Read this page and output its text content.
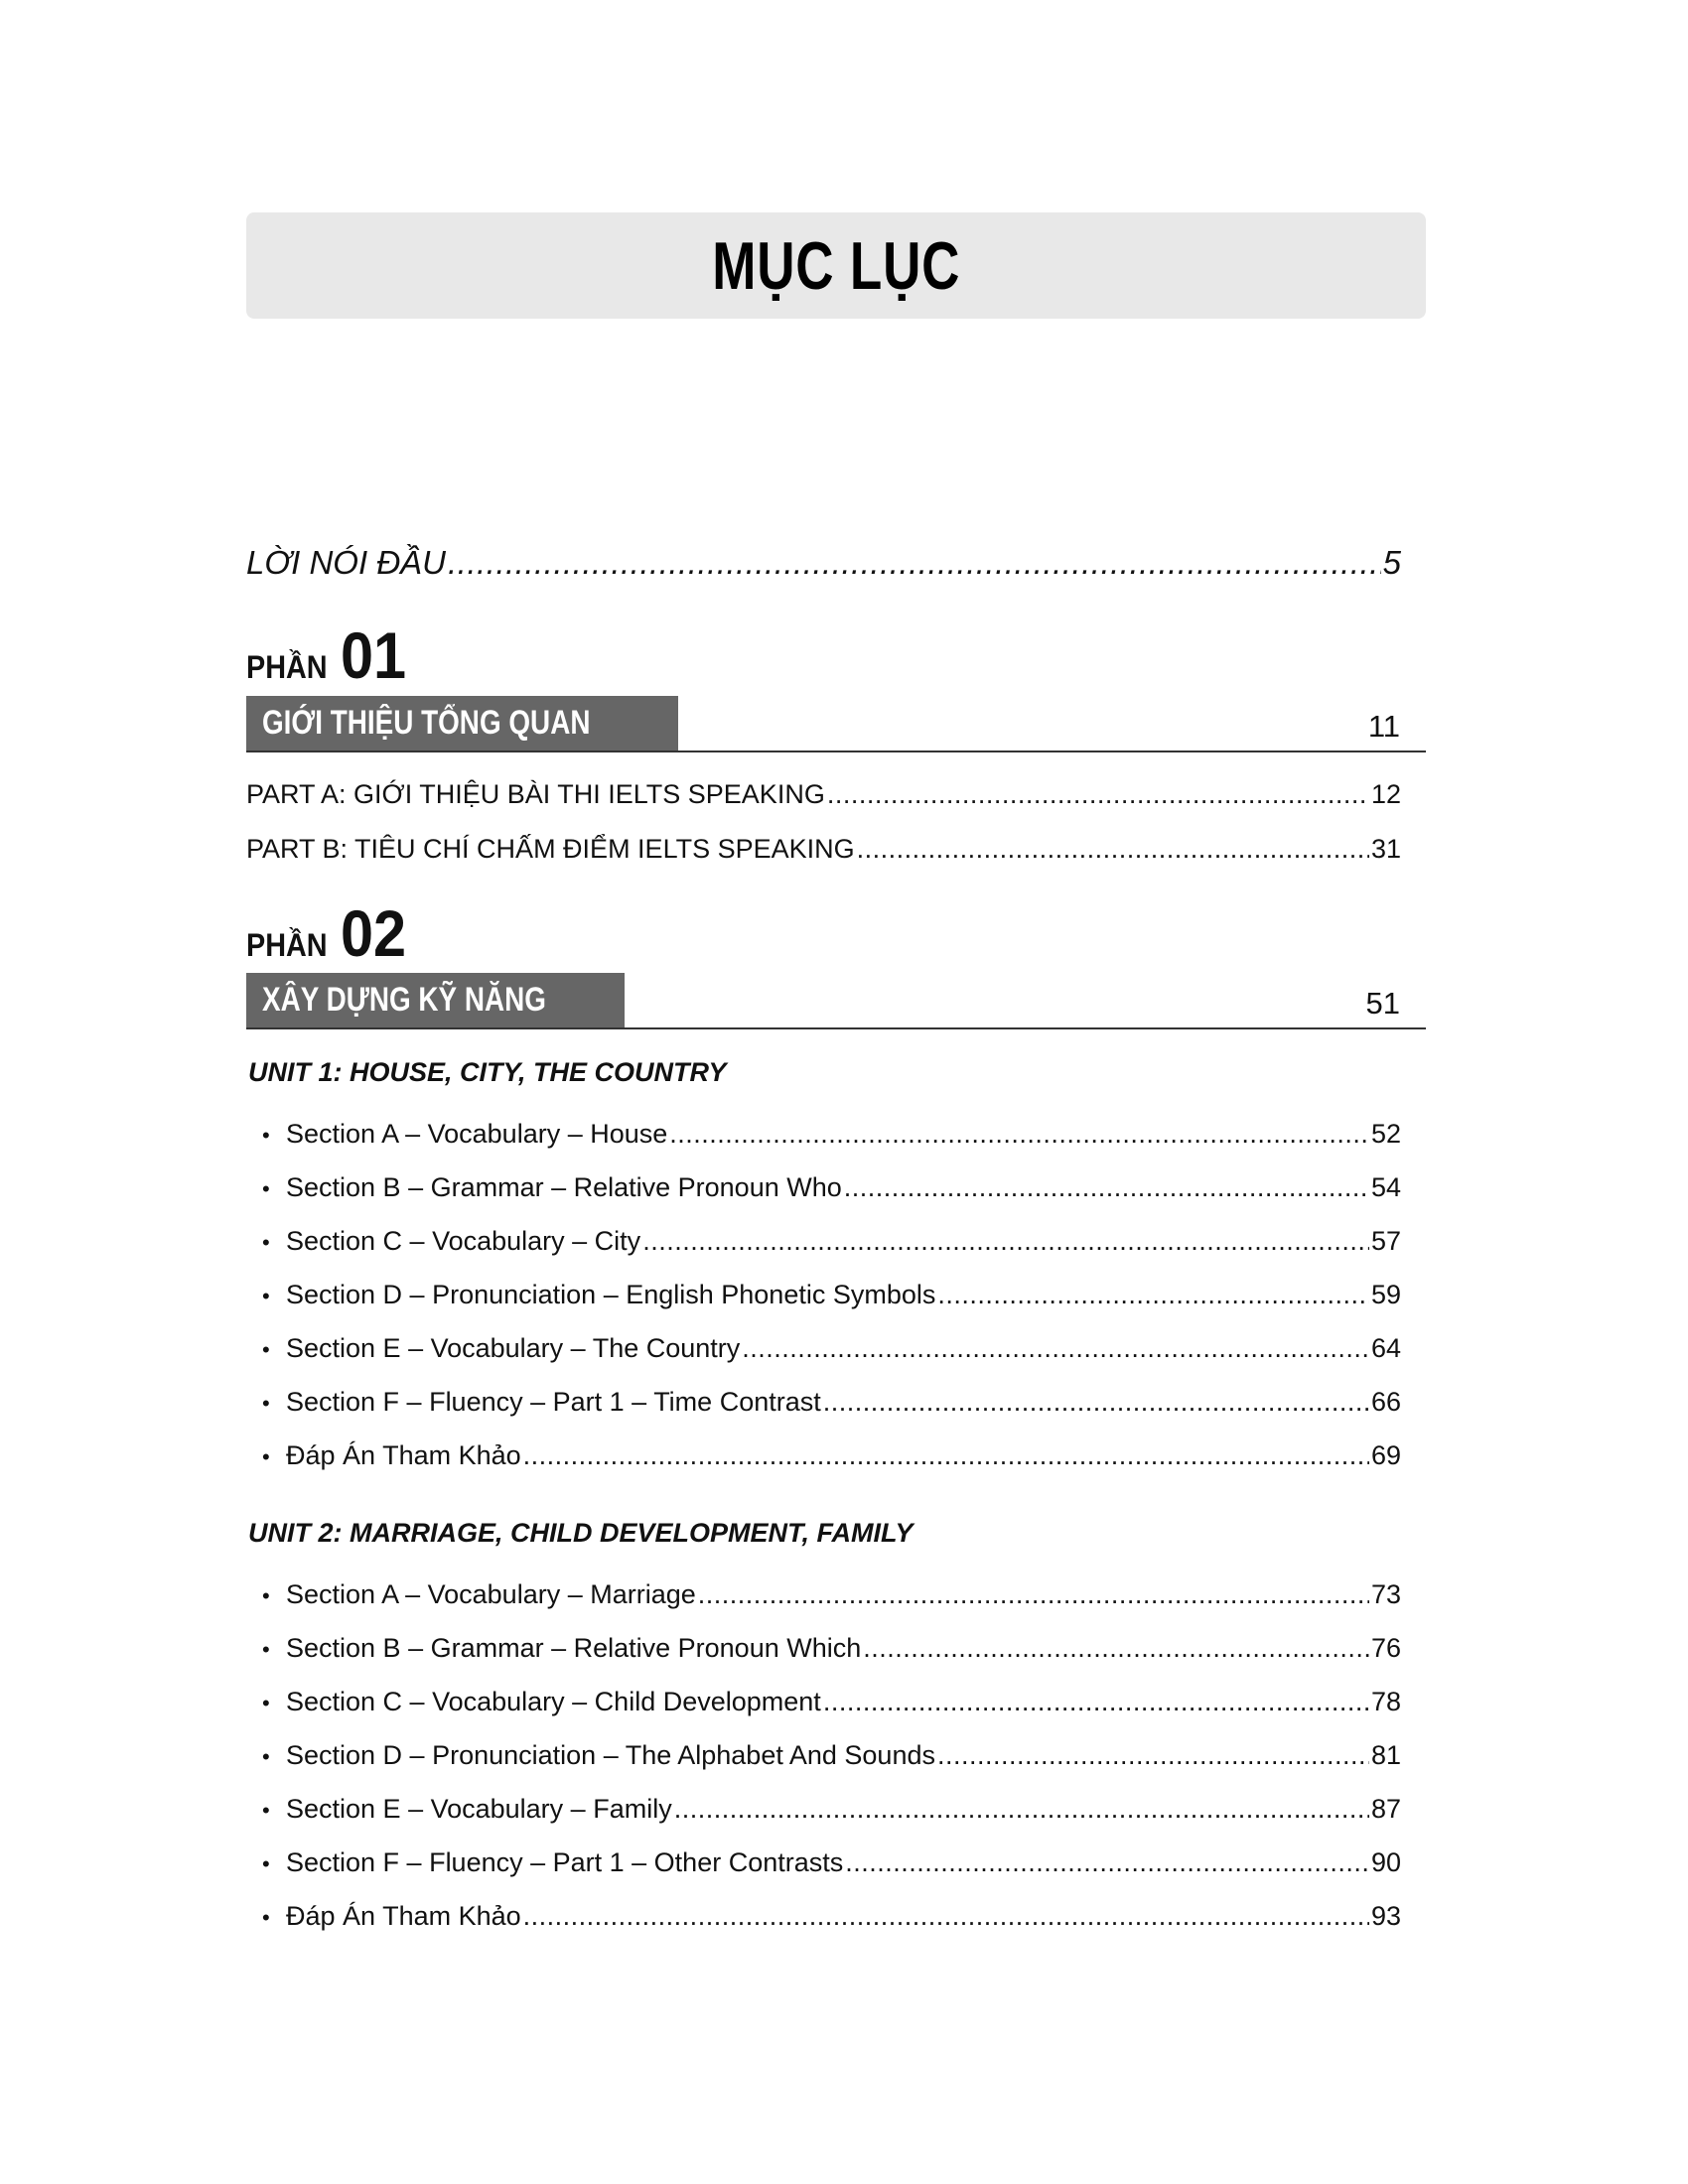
MỤC LỤC
LỜI NÓI ĐẦU .....	5
PHẦN 01
GIỚI THIỆU TỔNG QUAN	11
PART A: GIỚI THIỆU BÀI THI IELTS SPEAKING .....	12
PART B: TIÊU CHÍ CHẤM ĐIỂM IELTS SPEAKING .....	31
PHẦN 02
XÂY DỰNG KỸ NĂNG	51
UNIT 1: HOUSE, CITY, THE COUNTRY
• Section A – Vocabulary – House .....	52
• Section B – Grammar – Relative Pronoun Who .....	54
• Section C – Vocabulary – City .....	57
• Section D – Pronunciation – English Phonetic Symbols .....	59
• Section E – Vocabulary – The Country .....	64
• Section F – Fluency – Part 1 – Time Contrast .....	66
• Đáp Án Tham Khảo .....	69
UNIT 2: MARRIAGE, CHILD DEVELOPMENT, FAMILY
• Section A – Vocabulary – Marriage .....	73
• Section B – Grammar – Relative Pronoun Which .....	76
• Section C – Vocabulary – Child Development .....	78
• Section D – Pronunciation – The Alphabet And Sounds .....	81
• Section E – Vocabulary – Family .....	87
• Section F – Fluency – Part 1 – Other Contrasts .....	90
• Đáp Án Tham Khảo .....	93
